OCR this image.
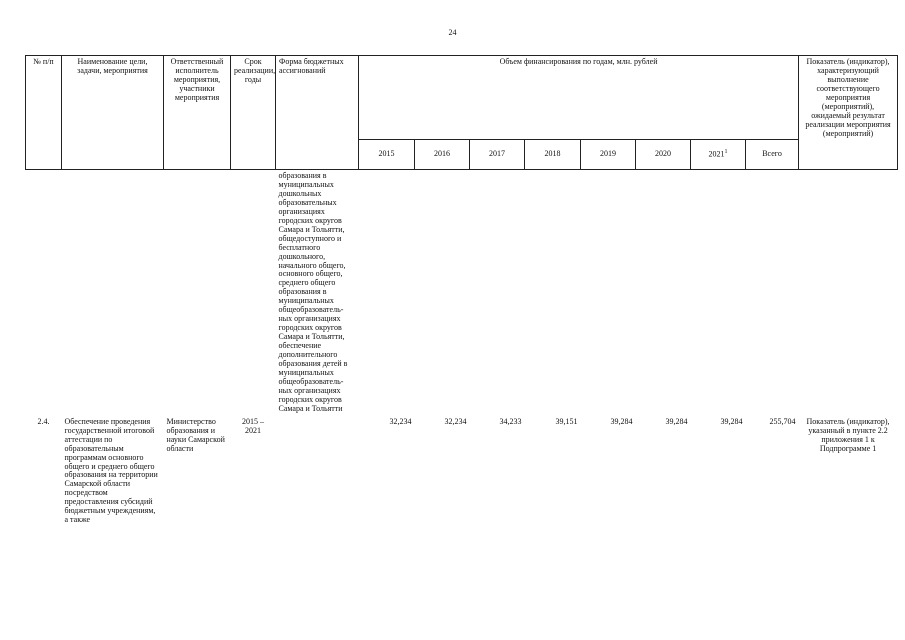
24
№ п/п	Наименование цели, задачи, мероприятия	Ответственный исполнитель мероприятия, участники мероприятия	Срок реализации, годы	Форма бюджетных ассигнований	Объем финансирования по годам, млн. рублей								Показатель (индикатор), характеризующий выполнение соответствующего мероприятия (мероприятий), ожидаемый результат реализации мероприятия (мероприятий)
					2015	2016	2017	2018	2019	2020	2021$^1$	Всего	
				образования в муниципальных дошкольных образовательных организациях городских округов Самара и Тольятти, общедоступного и бесплатного дошкольного, начального общего, основного общего, среднего общего образования в муниципальных общеобразователь-ных организациях городских округов Самара и Тольятти, обеспечение дополнительного образования детей в муниципальных общеобразователь-ных организациях городских округов Самара и Тольятти									
2.4.	Обеспечение проведения государственной итоговой аттестации по образовательным программам основного общего и среднего общего образования на территории Самарской области посредством предоставления субсидий бюджетным учреждениям, а также	Министерство образования и науки Самарской области	2015 – 2021		32,234	32,234	34,233	39,151	39,284	39,284	39,284	255,704	Показатель (индикатор), указанный в пункте 2.2 приложения 1 к Подпрограмме 1
